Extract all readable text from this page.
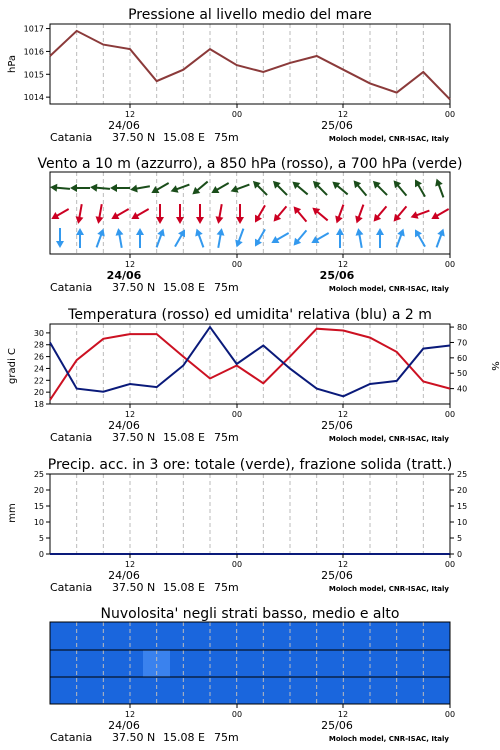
Pressione al livello medio del mare
Vento a 10 m (azzurro), a 850 hPa (rosso), a 700 hPa (verde)
Temperatura (rosso) ed umidita' relativa (blu) a 2 m
Precip. acc. in 3 ore: totale (verde), frazione solida (tratt.)
Nuvolosita' negli strati basso, medio e alto
hPa
gradi C	%
mm
1014
1015
1016
1017
12	00	12	00
24/06	25/06
Catania 37.50 N 15.08 E 75m	Moloch model, CNR-ISAC, Italy
12	00	12	00
24/06	25/06
Catania 37.50 N 15.08 E 75m	Moloch model, CNR-ISAC, Italy
18
20
22
24
26
28
30
40
50
60
70
80
12	00	12	00
24/06	25/06
Catania 37.50 N 15.08 E 75m	Moloch model, CNR-ISAC, Italy
0
5
10
15
20
25
0
5
10
15
20
25
12	00	12	00
24/06	25/06
Catania 37.50 N 15.08 E 75m	Moloch model, CNR-ISAC, Italy
12	00	12	00
24/06	25/06
Catania 37.50 N 15.08 E 75m	Moloch model, CNR-ISAC, Italy
